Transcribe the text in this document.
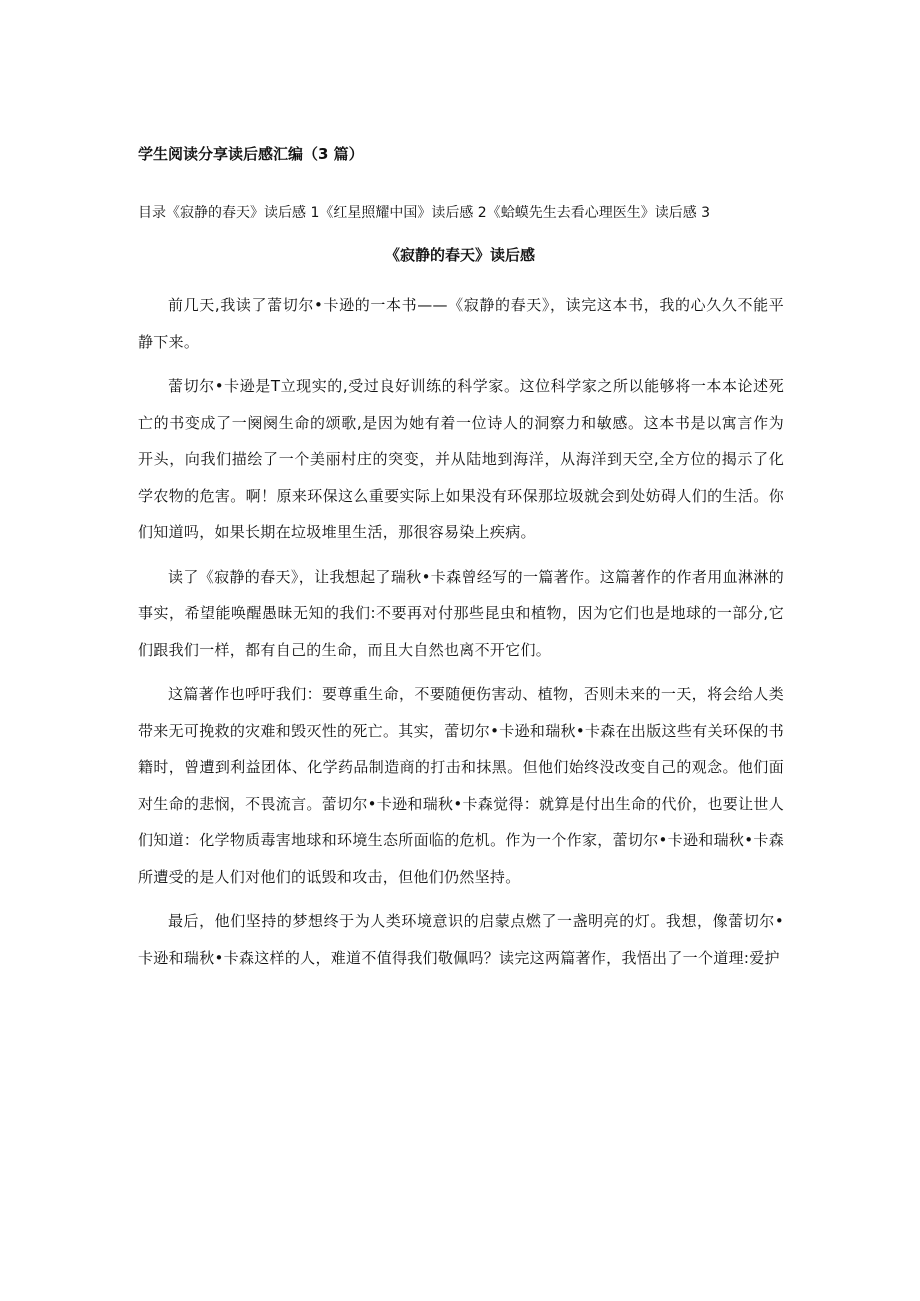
学生阅读分享读后感汇编（3 篇）
目录《寂静的春天》读后感 1《红星照耀中国》读后感 2《蛤蟆先生去看心理医生》读后感 3
《寂静的春天》读后感

前几天,我读了蕾切尔•卡逊的一本书——《寂静的春天》，读完这本书，我的心久久不能平静下来。

蕾切尔•卡逊是T立现实的,受过良好训练的科学家。这位科学家之所以能够将一本本论述死亡的书变成了一阕阕生命的颂歌,是因为她有着一位诗人的洞察力和敏感。这本书是以寓言作为开头，向我们描绘了一个美丽村庄的突变，并从陆地到海洋，从海洋到天空,全方位的揭示了化学农物的危害。啊！原来环保这么重要实际上如果没有环保那垃圾就会到处妨碍人们的生活。你们知道吗，如果长期在垃圾堆里生活，那很容易染上疾病。

读了《寂静的春天》，让我想起了瑞秋•卡森曾经写的一篇著作。这篇著作的作者用血淋淋的事实，希望能唤醒愚昧无知的我们:不要再对付那些昆虫和植物，因为它们也是地球的一部分,它们跟我们一样，都有自己的生命，而且大自然也离不开它们。

这篇著作也呼吁我们：要尊重生命，不要随便伤害动、植物，否则未来的一天，将会给人类带来无可挽救的灾难和毁灭性的死亡。其实，蕾切尔•卡逊和瑞秋•卡森在出版这些有关环保的书籍时，曾遭到利益团体、化学药品制造商的打击和抹黑。但他们始终没改变自己的观念。他们面对生命的悲悯，不畏流言。蕾切尔•卡逊和瑞秋•卡森觉得：就算是付出生命的代价，也要让世人们知道：化学物质毒害地球和环境生态所面临的危机。作为一个作家，蕾切尔•卡逊和瑞秋•卡森所遭受的是人们对他们的诋毁和攻击，但他们仍然坚持。

最后，他们坚持的梦想终于为人类环境意识的启蒙点燃了一盏明亮的灯。我想，像蕾切尔•卡逊和瑞秋•卡森这样的人，难道不值得我们敬佩吗？读完这两篇著作，我悟出了一个道理:爱护
